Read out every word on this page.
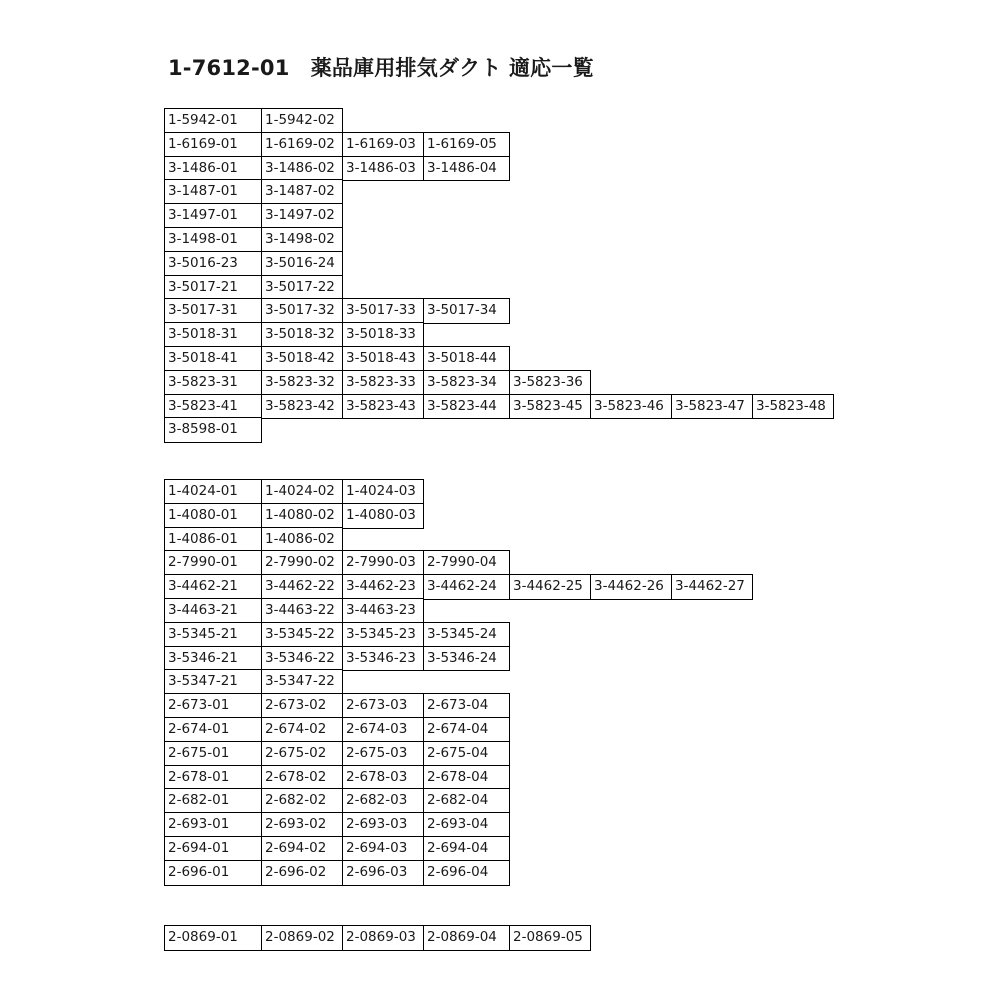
1-7612-01　薬品庫用排気ダクト 適応一覧
1-5942-01	1-5942-02
1-6169-01	1-6169-02 1-6169-03 1-6169-05
3-1486-01	3-1486-02 3-1486-03 3-1486-04
3-1487-01	3-1487-02
3-1497-01	3-1497-02
3-1498-01	3-1498-02
3-5016-23	3-5016-24
3-5017-21	3-5017-22
3-5017-31	3-5017-32 3-5017-33 3-5017-34
3-5018-31	3-5018-32 3-5018-33
3-5018-41	3-5018-42 3-5018-43 3-5018-44
3-5823-31	3-5823-32 3-5823-33 3-5823-34	3-5823-36
3-5823-41	3-5823-42 3-5823-43 3-5823-44	3-5823-45 3-5823-46 3-5823-47 3-5823-48
3-8598-01
1-4024-01	1-4024-02 1-4024-03
1-4080-01	1-4080-02 1-4080-03
1-4086-01	1-4086-02
2-7990-01	2-7990-02 2-7990-03 2-7990-04
3-4462-21	3-4462-22 3-4462-23 3-4462-24	3-4462-25 3-4462-26 3-4462-27
3-4463-21	3-4463-22 3-4463-23
3-5345-21	3-5345-22 3-5345-23 3-5345-24
3-5346-21	3-5346-22 3-5346-23 3-5346-24
3-5347-21	3-5347-22
2-673-01	2-673-02	2-673-03	2-673-04
2-674-01	2-674-02	2-674-03	2-674-04
2-675-01	2-675-02	2-675-03	2-675-04
2-678-01	2-678-02	2-678-03	2-678-04
2-682-01	2-682-02	2-682-03	2-682-04
2-693-01	2-693-02	2-693-03	2-693-04
2-694-01	2-694-02	2-694-03	2-694-04
2-696-01	2-696-02	2-696-03	2-696-04
2-0869-01	2-0869-02 2-0869-03 2-0869-04	2-0869-05
